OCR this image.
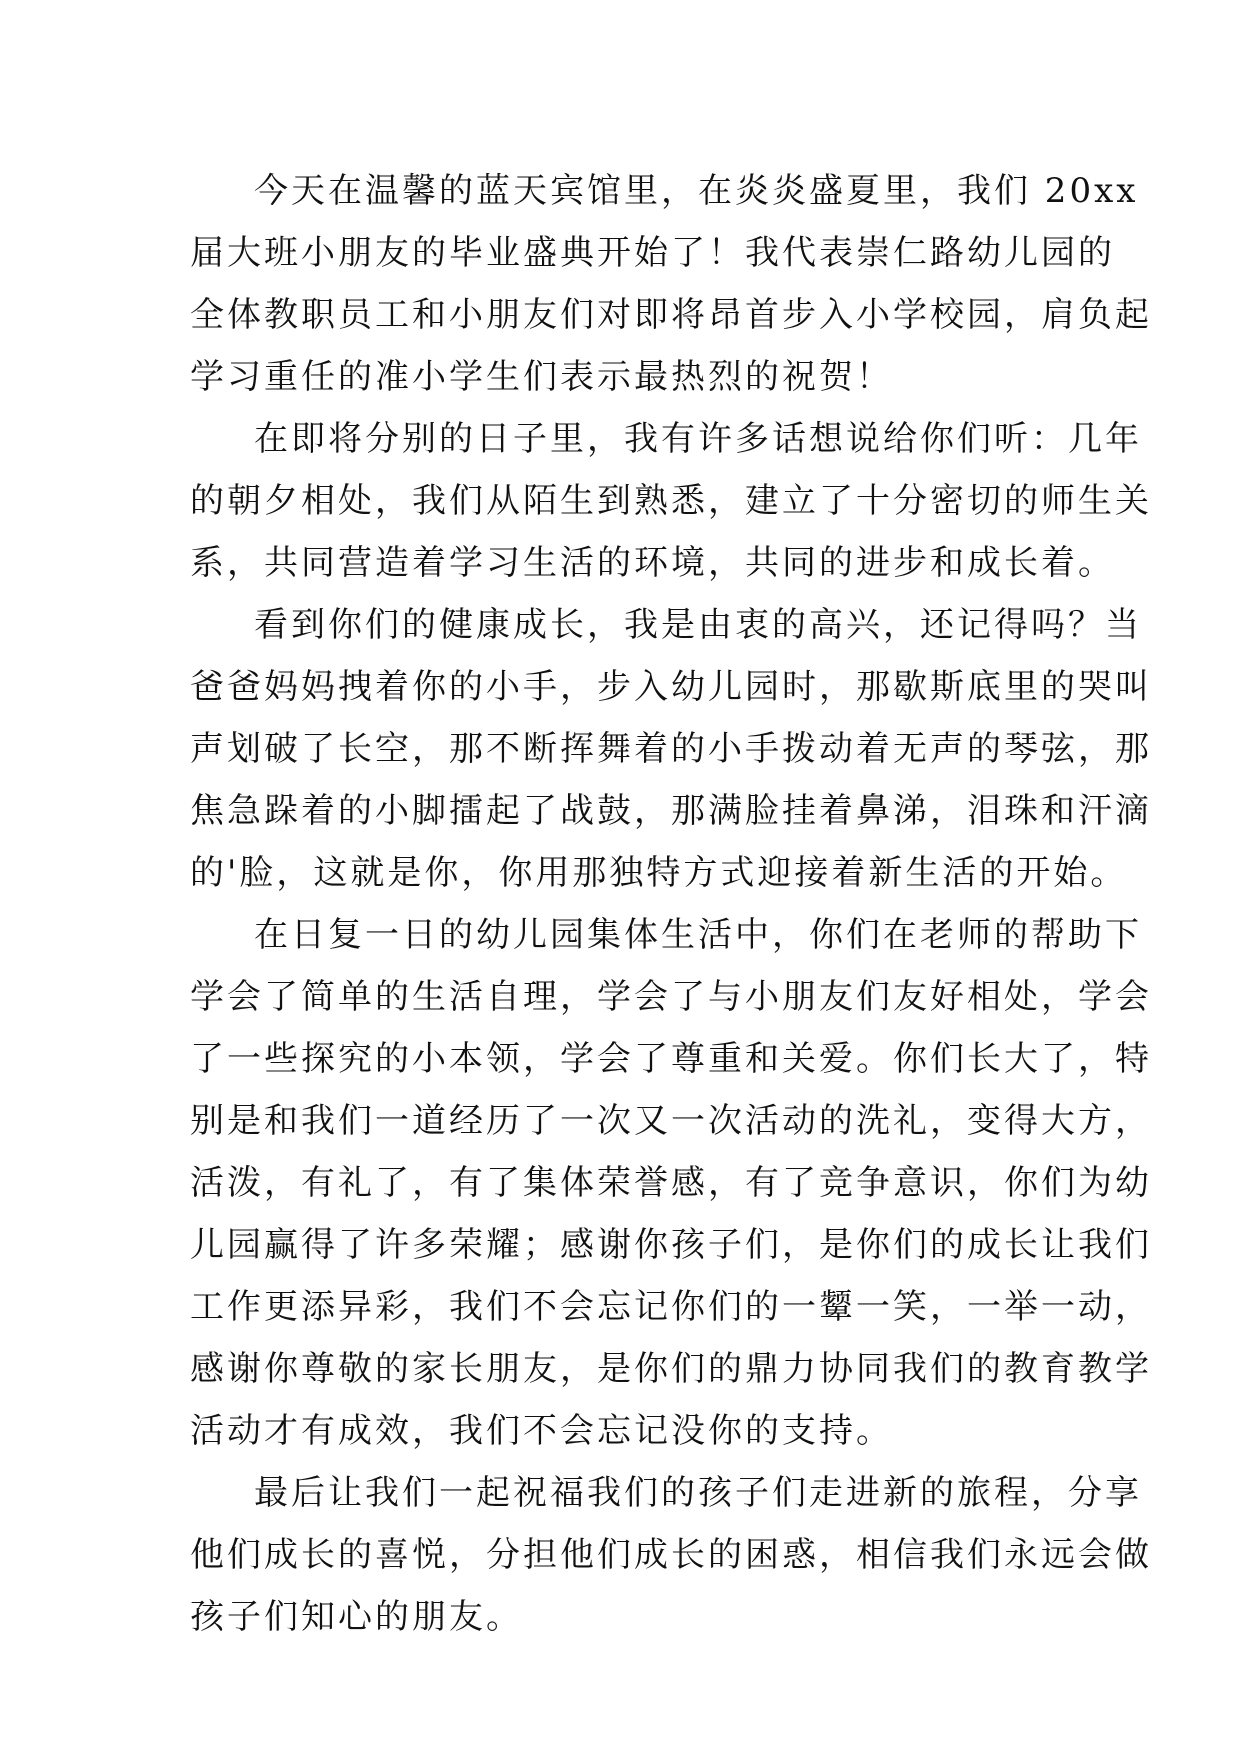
今天在温馨的蓝天宾馆里，在炎炎盛夏里，我们 20xx
届大班小朋友的毕业盛典开始了！我代表崇仁路幼儿园的
全体教职员工和小朋友们对即将昂首步入小学校园，肩负起
学习重任的准小学生们表示最热烈的祝贺！

在即将分别的日子里，我有许多话想说给你们听：几年
的朝夕相处，我们从陌生到熟悉，建立了十分密切的师生关
系，共同营造着学习生活的环境，共同的进步和成长着。

看到你们的健康成长，我是由衷的高兴，还记得吗？当
爸爸妈妈拽着你的小手，步入幼儿园时，那歇斯底里的哭叫
声划破了长空，那不断挥舞着的小手拨动着无声的琴弦，那
焦急跺着的小脚擂起了战鼓，那满脸挂着鼻涕，泪珠和汗滴
的'脸，这就是你，你用那独特方式迎接着新生活的开始。

在日复一日的幼儿园集体生活中，你们在老师的帮助下
学会了简单的生活自理，学会了与小朋友们友好相处，学会
了一些探究的小本领，学会了尊重和关爱。你们长大了，特
别是和我们一道经历了一次又一次活动的洗礼，变得大方，
活泼，有礼了，有了集体荣誉感，有了竞争意识，你们为幼
儿园赢得了许多荣耀；感谢你孩子们，是你们的成长让我们
工作更添异彩，我们不会忘记你们的一颦一笑，一举一动，
感谢你尊敬的家长朋友，是你们的鼎力协同我们的教育教学
活动才有成效，我们不会忘记没你的支持。

最后让我们一起祝福我们的孩子们走进新的旅程，分享
他们成长的喜悦，分担他们成长的困惑，相信我们永远会做
孩子们知心的朋友。
